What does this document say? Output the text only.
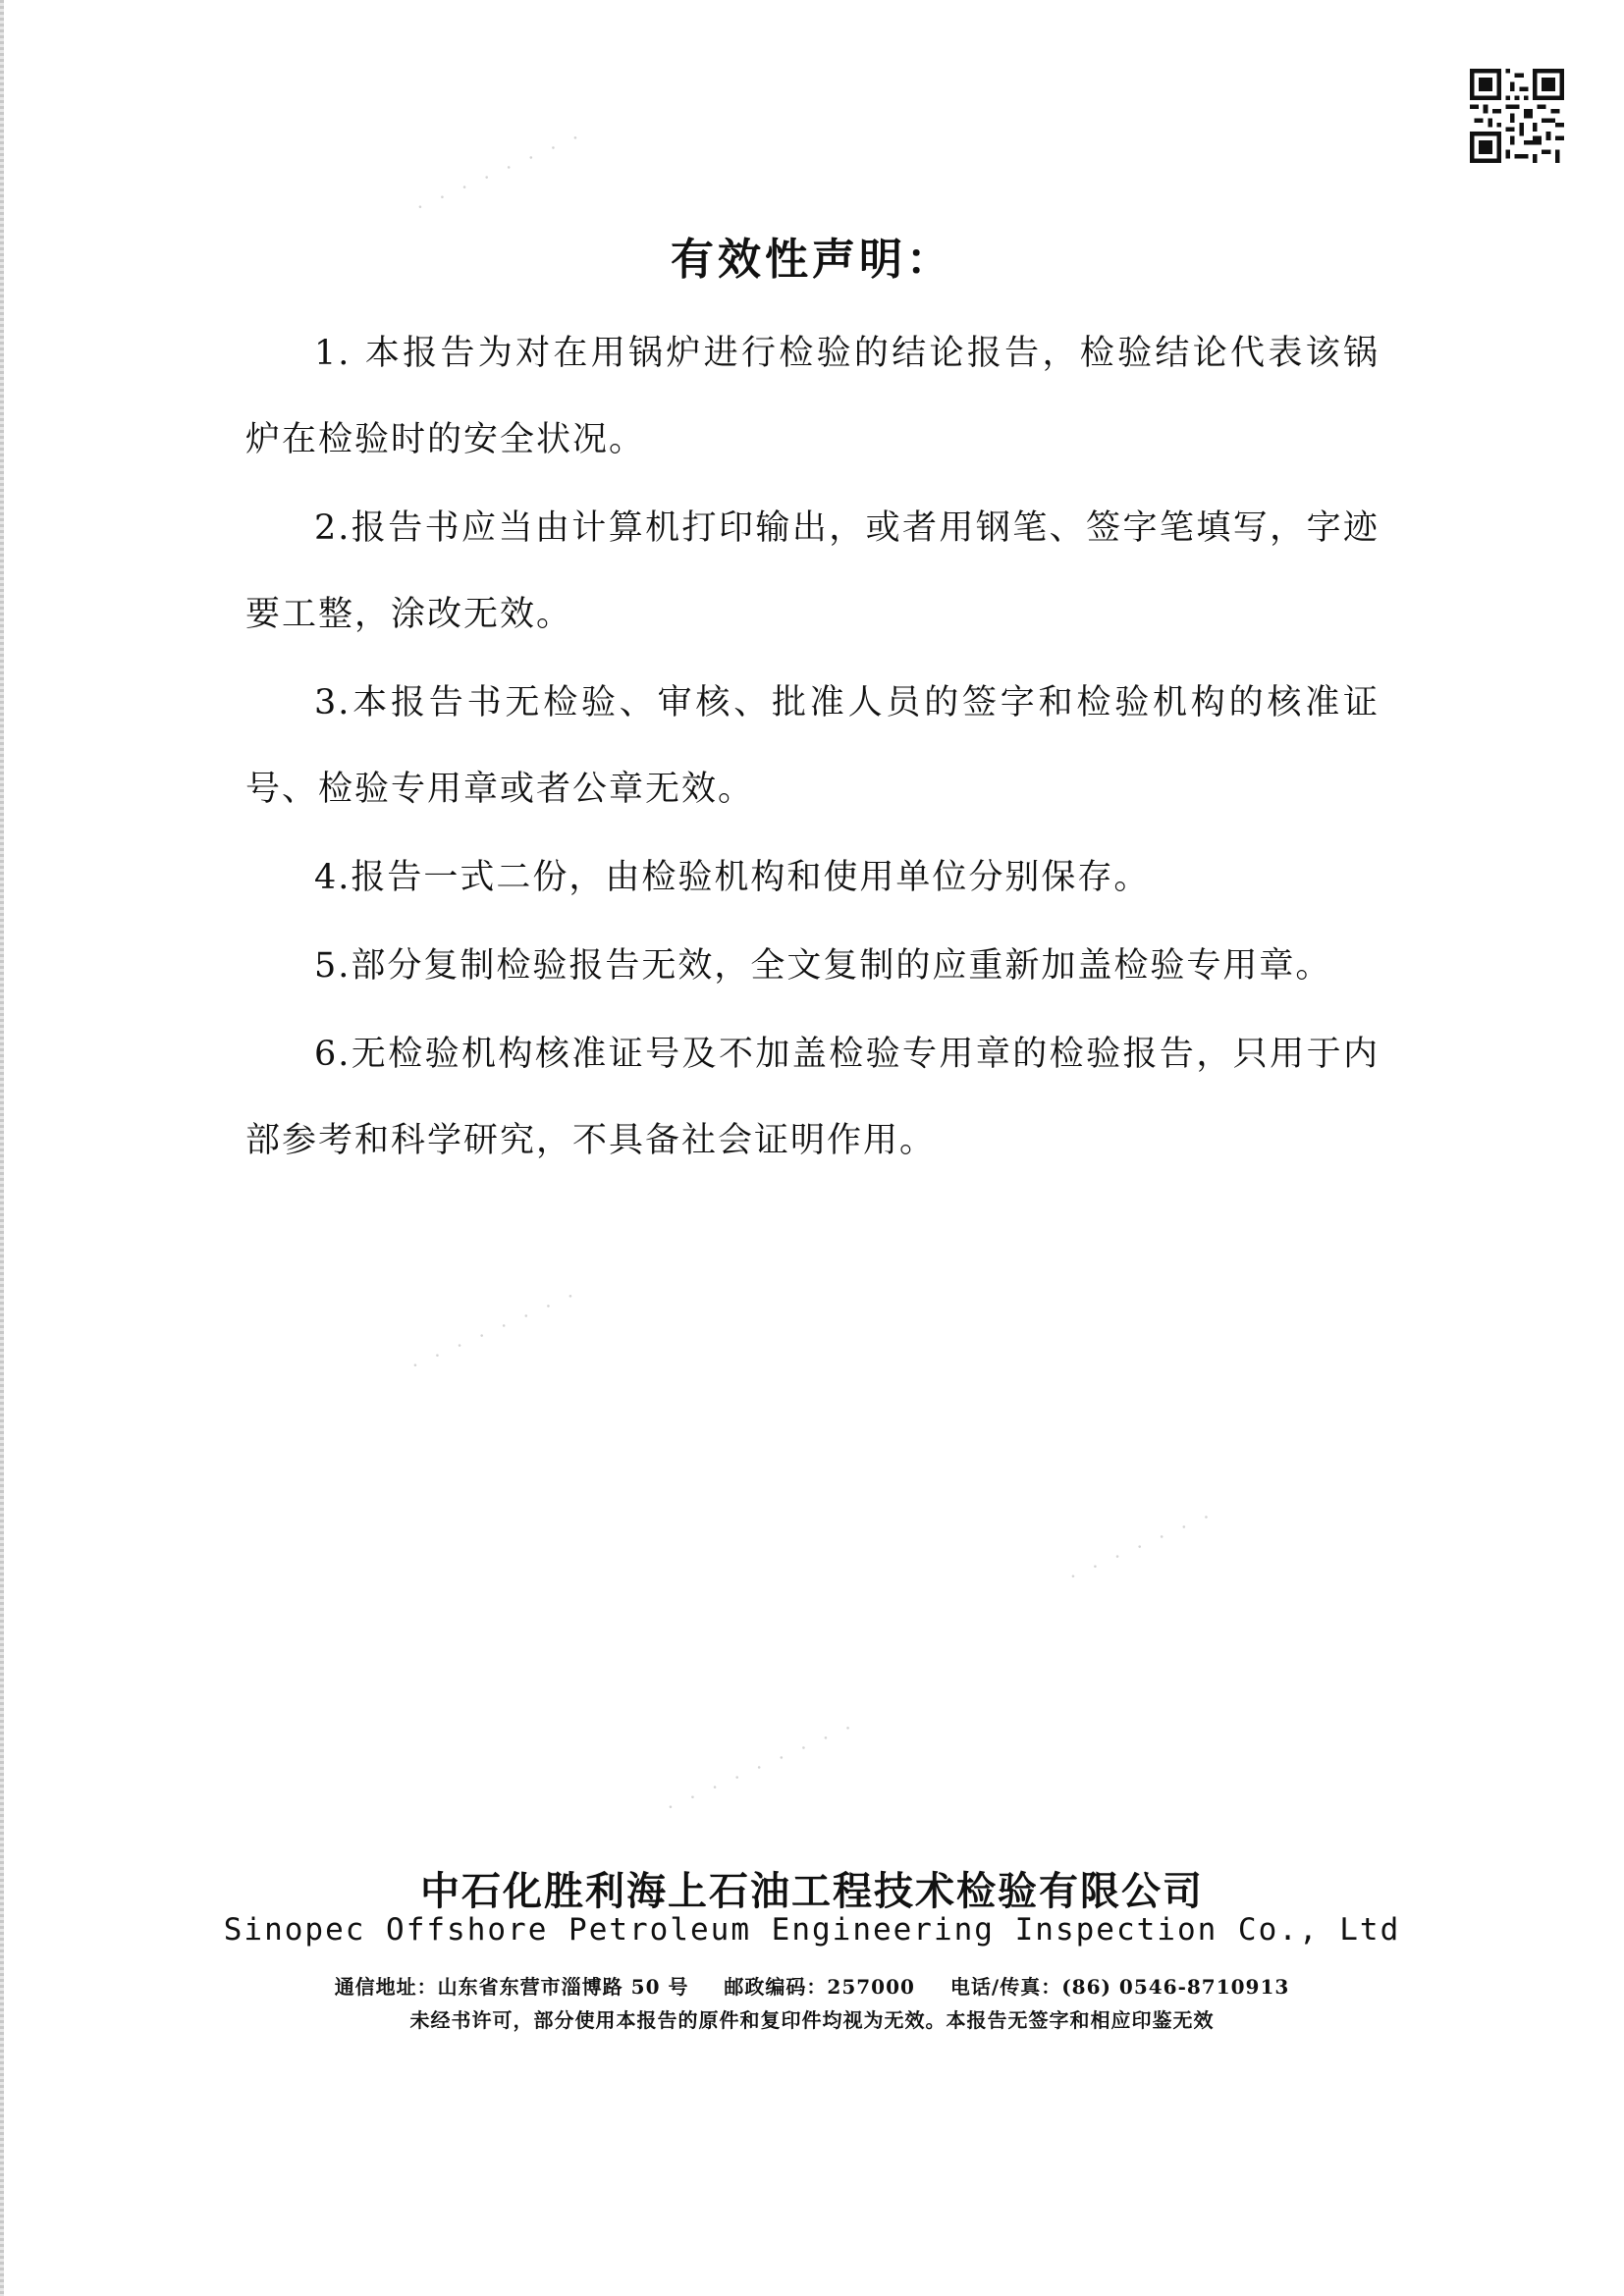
· · · · · · · ·
· · · · · · · ·
· · · · · · · · ·
· · · · · · ·
有效性声明：

1. 本报告为对在用锅炉进行检验的结论报告，检验结论代表该锅炉在检验时的安全状况。

2.报告书应当由计算机打印输出，或者用钢笔、签字笔填写，字迹要工整，涂改无效。

3.本报告书无检验、审核、批准人员的签字和检验机构的核准证号、检验专用章或者公章无效。

4.报告一式二份，由检验机构和使用单位分别保存。

5.部分复制检验报告无效，全文复制的应重新加盖检验专用章。

6.无检验机构核准证号及不加盖检验专用章的检验报告，只用于内部参考和科学研究，不具备社会证明作用。

中石化胜利海上石油工程技术检验有限公司
Sinopec Offshore Petroleum Engineering Inspection Co., Ltd
通信地址：山东省东营市淄博路 50 号 邮政编码：257000 电话/传真：(86) 0546-8710913
未经书许可，部分使用本报告的原件和复印件均视为无效。本报告无签字和相应印鉴无效
